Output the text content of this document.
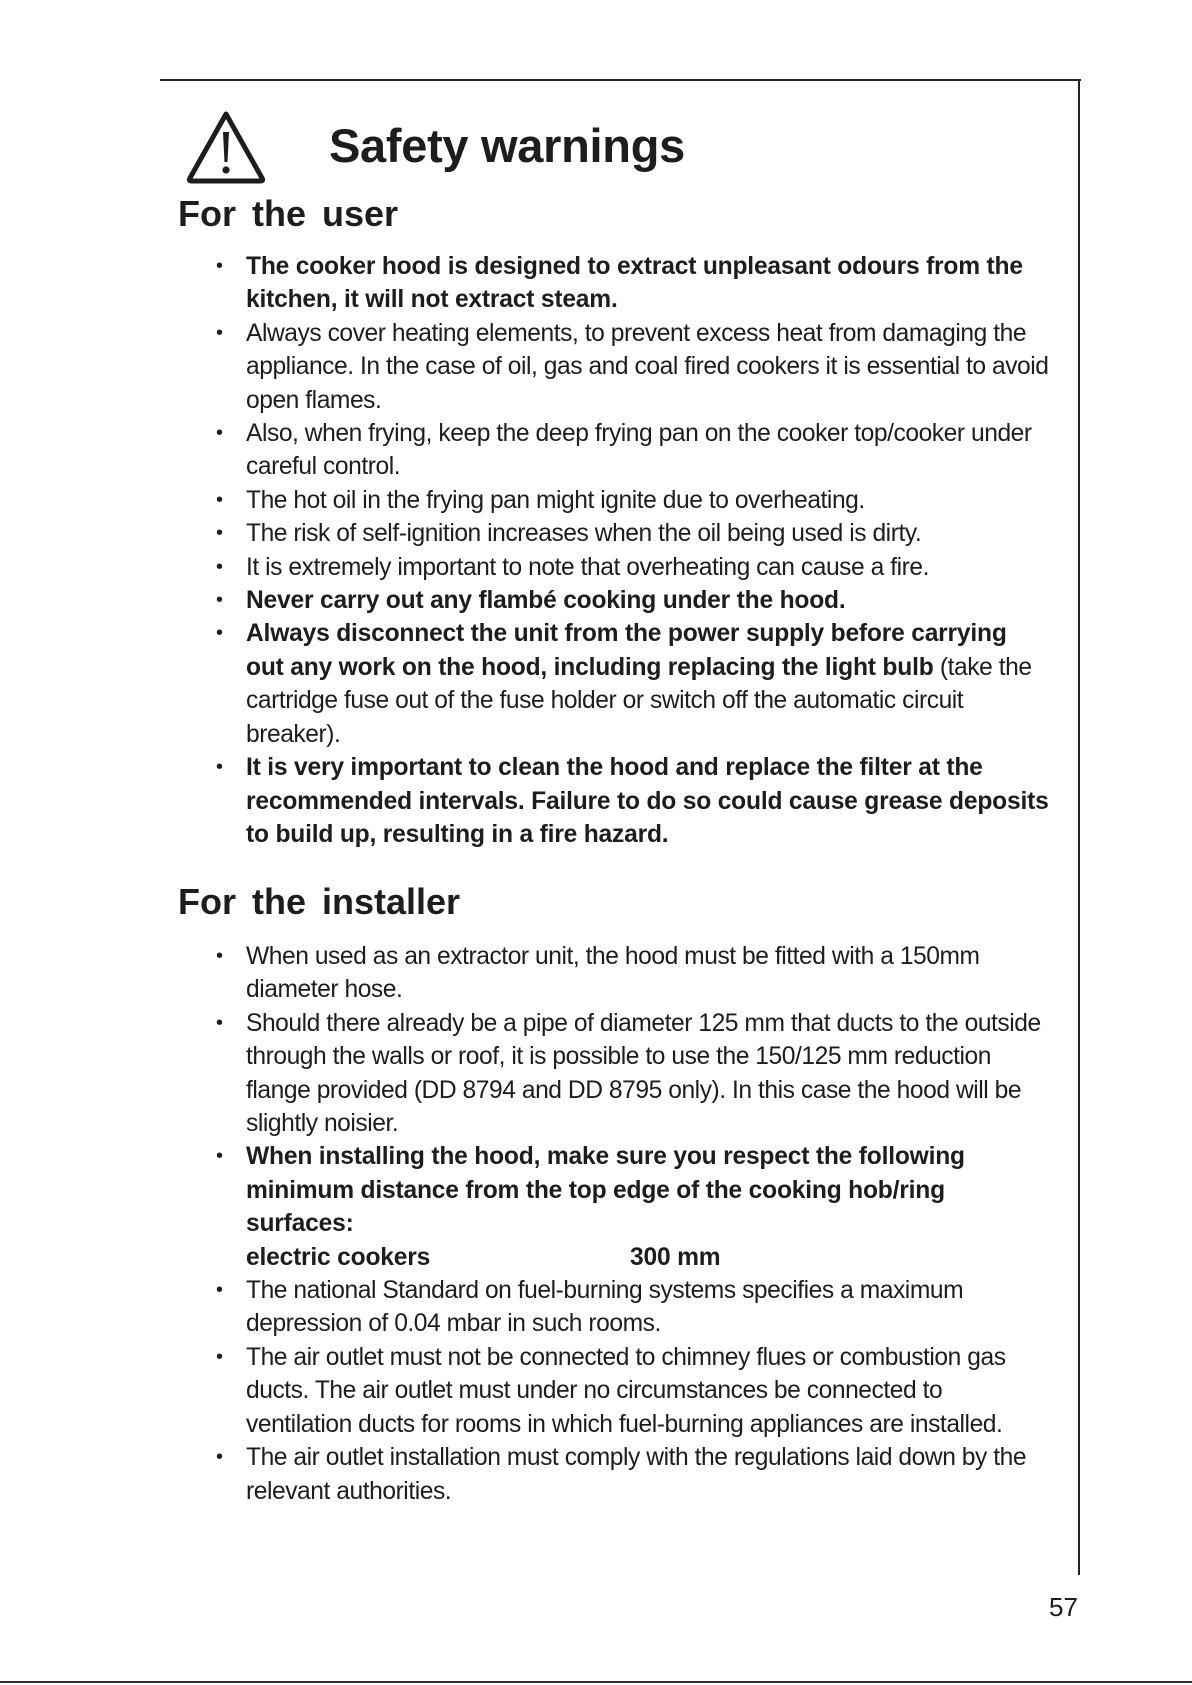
Safety warnings
For the user
• The cooker hood is designed to extract unpleasant odours from the kitchen, it will not extract steam.
• Always cover heating elements, to prevent excess heat from damaging the appliance. In the case of oil, gas and coal fired cookers it is essential to avoid open flames.
• Also, when frying, keep the deep frying pan on the cooker top/cooker under careful control.
• The hot oil in the frying pan might ignite due to overheating.
• The risk of self-ignition increases when the oil being used is dirty.
• It is extremely important to note that overheating can cause a fire.
• Never carry out any flambé cooking under the hood.
• Always disconnect the unit from the power supply before carrying out any work on the hood, including replacing the light bulb (take the cartridge fuse out of the fuse holder or switch off the automatic circuit breaker).
• It is very important to clean the hood and replace the filter at the recommended intervals. Failure to do so could cause grease deposits to build up, resulting in a fire hazard.
For the installer
• When used as an extractor unit, the hood must be fitted with a 150mm diameter hose.
• Should there already be a pipe of diameter 125 mm that ducts to the outside through the walls or roof, it is possible to use the 150/125 mm reduction flange provided (DD 8794 and DD 8795 only). In this case the hood will be slightly noisier.
• When installing the hood, make sure you respect the following minimum distance from the top edge of the cooking hob/ring surfaces:
electric cookers	300 mm
• The national Standard on fuel-burning systems specifies a maximum depression of 0.04 mbar in such rooms.
• The air outlet must not be connected to chimney flues or combustion gas ducts. The air outlet must under no circumstances be connected to ventilation ducts for rooms in which fuel-burning appliances are installed.
• The air outlet installation must comply with the regulations laid down by the relevant authorities.

57
